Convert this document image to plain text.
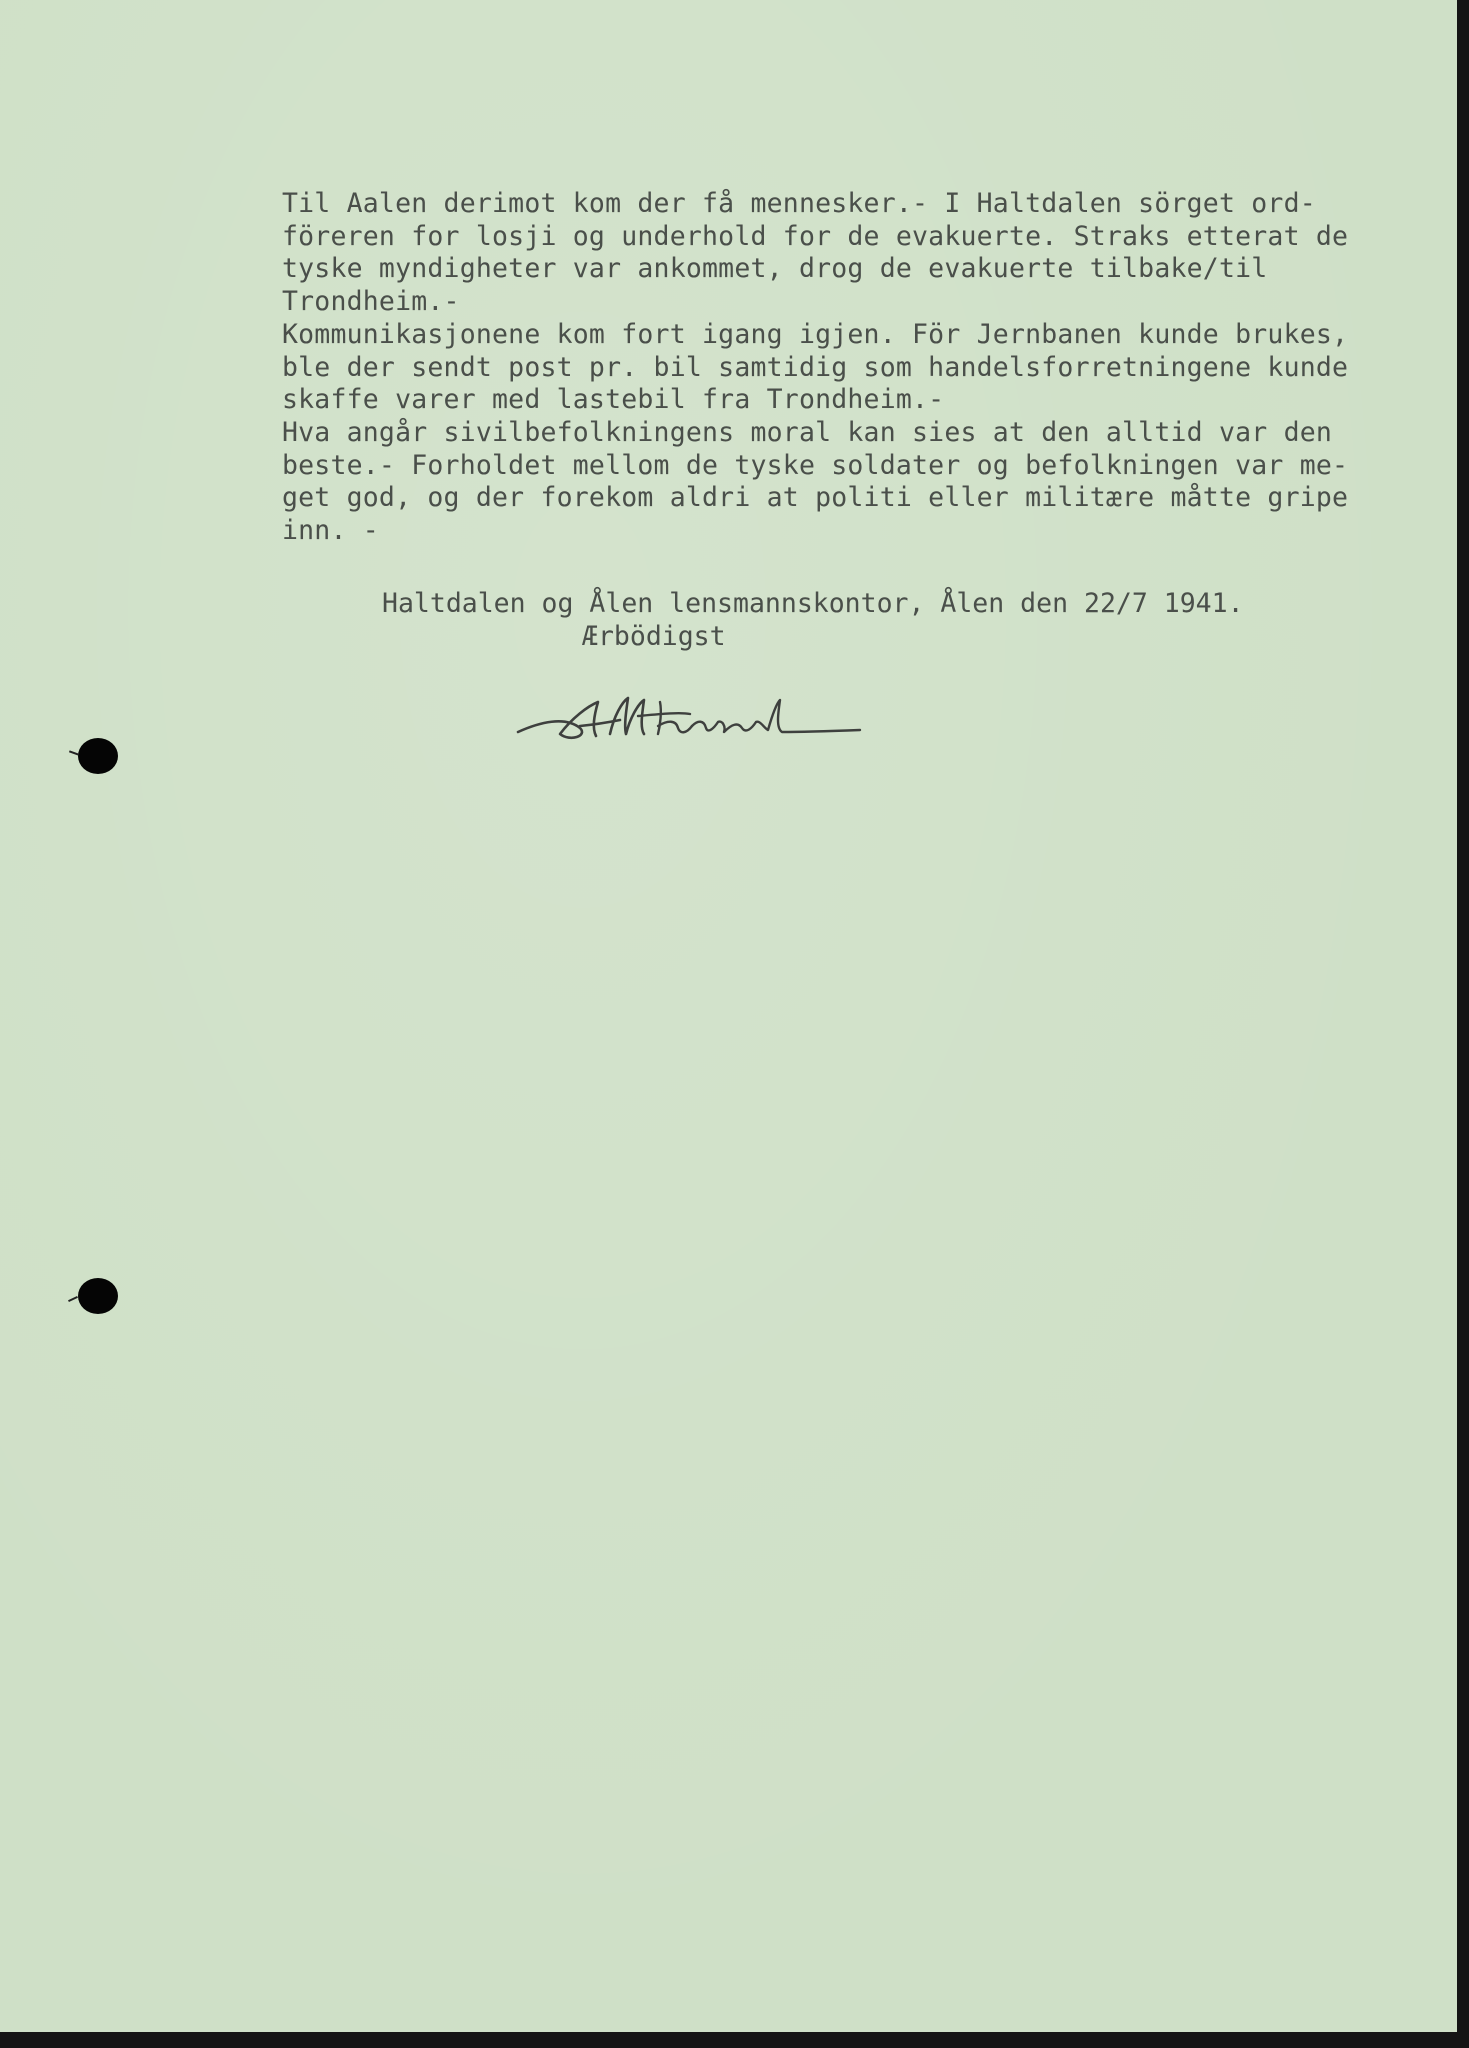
Til Aalen derimot kom der få mennesker.- I Haltdalen sörget ord-
föreren for losji og underhold for de evakuerte. Straks etterat de
tyske myndigheter var ankommet, drog de evakuerte tilbake/til
Trondheim.-
Kommunikasjonene kom fort igang igjen. För Jernbanen kunde brukes,
ble der sendt post pr. bil samtidig som handelsforretningene kunde
skaffe varer med lastebil fra Trondheim.-
Hva angår sivilbefolkningens moral kan sies at den alltid var den
beste.- Forholdet mellom de tyske soldater og befolkningen var me-
get god, og der forekom aldri at politi eller militære måtte gripe
inn. -
Haltdalen og Ålen lensmannskontor, Ålen den 22/7 1941.
Ærbödigst
